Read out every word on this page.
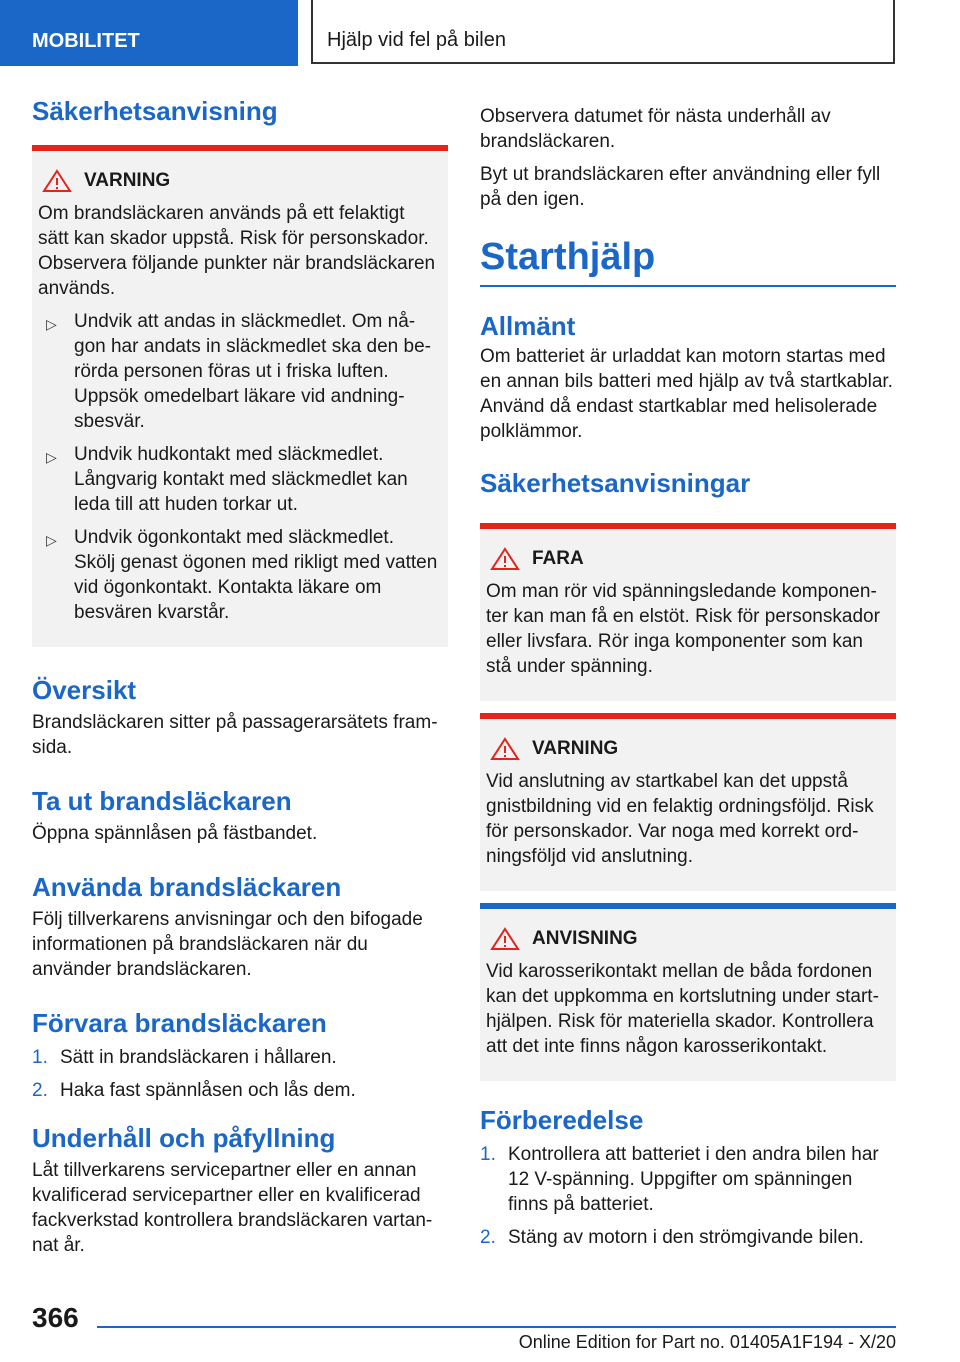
MOBILITET	Hjälp vid fel på bilen
Säkerhetsanvisning
VARNING

Om brandsläckaren används på ett felaktigt sätt kan skador uppstå. Risk för personskador. Observera följande punkter när brandsläckaren används.

▷ Undvik att andas in släckmedlet. Om någon har andats in släckmedlet ska den berörda personen föras ut i friska luften. Uppsök omedelbart läkare vid andningsbesvär.
▷ Undvik hudkontakt med släckmedlet. Långvarig kontakt med släckmedlet kan leda till att huden torkar ut.
▷ Undvik ögonkontakt med släckmedlet. Skölj genast ögonen med rikligt med vatten vid ögonkontakt. Kontakta läkare om besvären kvarstår.
Översikt

Brandsläckaren sitter på passagerarsätets framsida.

Ta ut brandsläckaren

Öppna spännlåsen på fästbandet.

Använda brandsläckaren

Följ tillverkarens anvisningar och den bifogade informationen på brandsläckaren när du använder brandsläckaren.

Förvara brandsläckaren
1. Sätt in brandsläckaren i hållaren.
2. Haka fast spännlåsen och lås dem.
Underhåll och påfyllning

Låt tillverkarens servicepartner eller en annan kvalificerad servicepartner eller en kvalificerad fackverkstad kontrollera brandsläckaren vartannat år.

Observera datumet för nästa underhåll av brandsläckaren.

Byt ut brandsläckaren efter användning eller fyll på den igen.

Starthjälp
Allmänt

Om batteriet är urladdat kan motorn startas med en annan bils batteri med hjälp av två startkablar. Använd då endast startkablar med helisolerade polklämmor.

Säkerhetsanvisningar
FARA

Om man rör vid spänningsledande komponenter kan man få en elstöt. Risk för personskador eller livsfara. Rör inga komponenter som kan stå under spänning.

VARNING

Vid anslutning av startkabel kan det uppstå gnistbildning vid en felaktig ordningsföljd. Risk för personskador. Var noga med korrekt ordningsföljd vid anslutning.

ANVISNING

Vid karosserikontakt mellan de båda fordonen kan det uppkomma en kortslutning under starthjälpen. Risk för materiella skador. Kontrollera att det inte finns någon karosserikontakt.

Förberedelse
1. Kontrollera att batteriet i den andra bilen har 12 V-spänning. Uppgifter om spänningen finns på batteriet.
2. Stäng av motorn i den strömgivande bilen.
366
Online Edition for Part no. 01405A1F194 - X/20
